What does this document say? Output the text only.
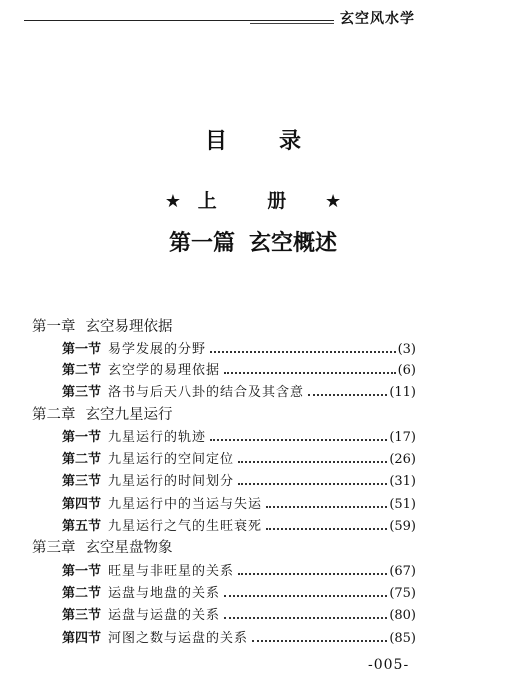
玄空风水学
目 录
★ 上 册 ★
第一篇 玄空概述
第一章 玄空易理依据
第一节 易学发展的分野	(3)
第二节 玄空学的易理依据	(6)
第三节 洛书与后天八卦的结合及其含意	(11)
第二章 玄空九星运行
第一节 九星运行的轨迹	(17)
第二节 九星运行的空间定位	(26)
第三节 九星运行的时间划分	(31)
第四节 九星运行中的当运与失运	(51)
第五节 九星运行之气的生旺衰死	(59)
第三章 玄空星盘物象
第一节 旺星与非旺星的关系	(67)
第二节 运盘与地盘的关系	(75)
第三节 运盘与运盘的关系	(80)
第四节 河图之数与运盘的关系	(85)
-005-
